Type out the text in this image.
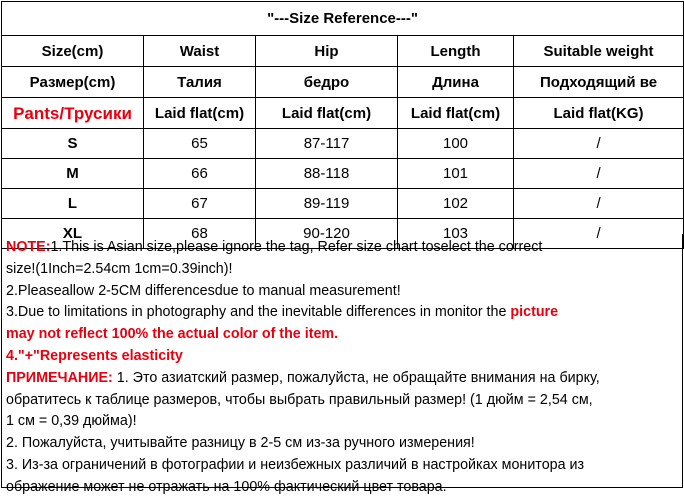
"---Size Reference---"				
Size(cm)	Waist	Hip	Length	Suitable weight
Размер(cm)	Талия	бедро	Длина	Подходящий ве
Pants/Трусики	Laid flat(cm)	Laid flat(cm)	Laid flat(cm)	Laid flat(KG)
S	65	87-117	100	/
M	66	88-118	101	/
L	67	89-119	102	/
XL	68	90-120	103	/

NOTE:1.This is Asian size,please ignore the tag, Refer size chart toselect the correct

size!(1Inch=2.54cm 1cm=0.39inch)!

2.Pleaseallow 2-5CM differencesdue to manual measurement!

3.Due to limitations in photography and the inevitable differences in monitor the picture

may not reflect 100% the actual color of the item.

4."+"Represents elasticity

ПРИМЕЧАНИЕ: 1. Это азиатский размер, пожалуйста, не обращайте внимания на бирку,

обратитесь к таблице размеров, чтобы выбрать правильный размер! (1 дюйм = 2,54 см,

1 см = 0,39 дюйма)!

2. Пожалуйста, учитывайте разницу в 2-5 см из-за ручного измерения!

3. Из-за ограничений в фотографии и неизбежных различий в настройках монитора из

ображение может не отражать на 100% фактический цвет товара.
